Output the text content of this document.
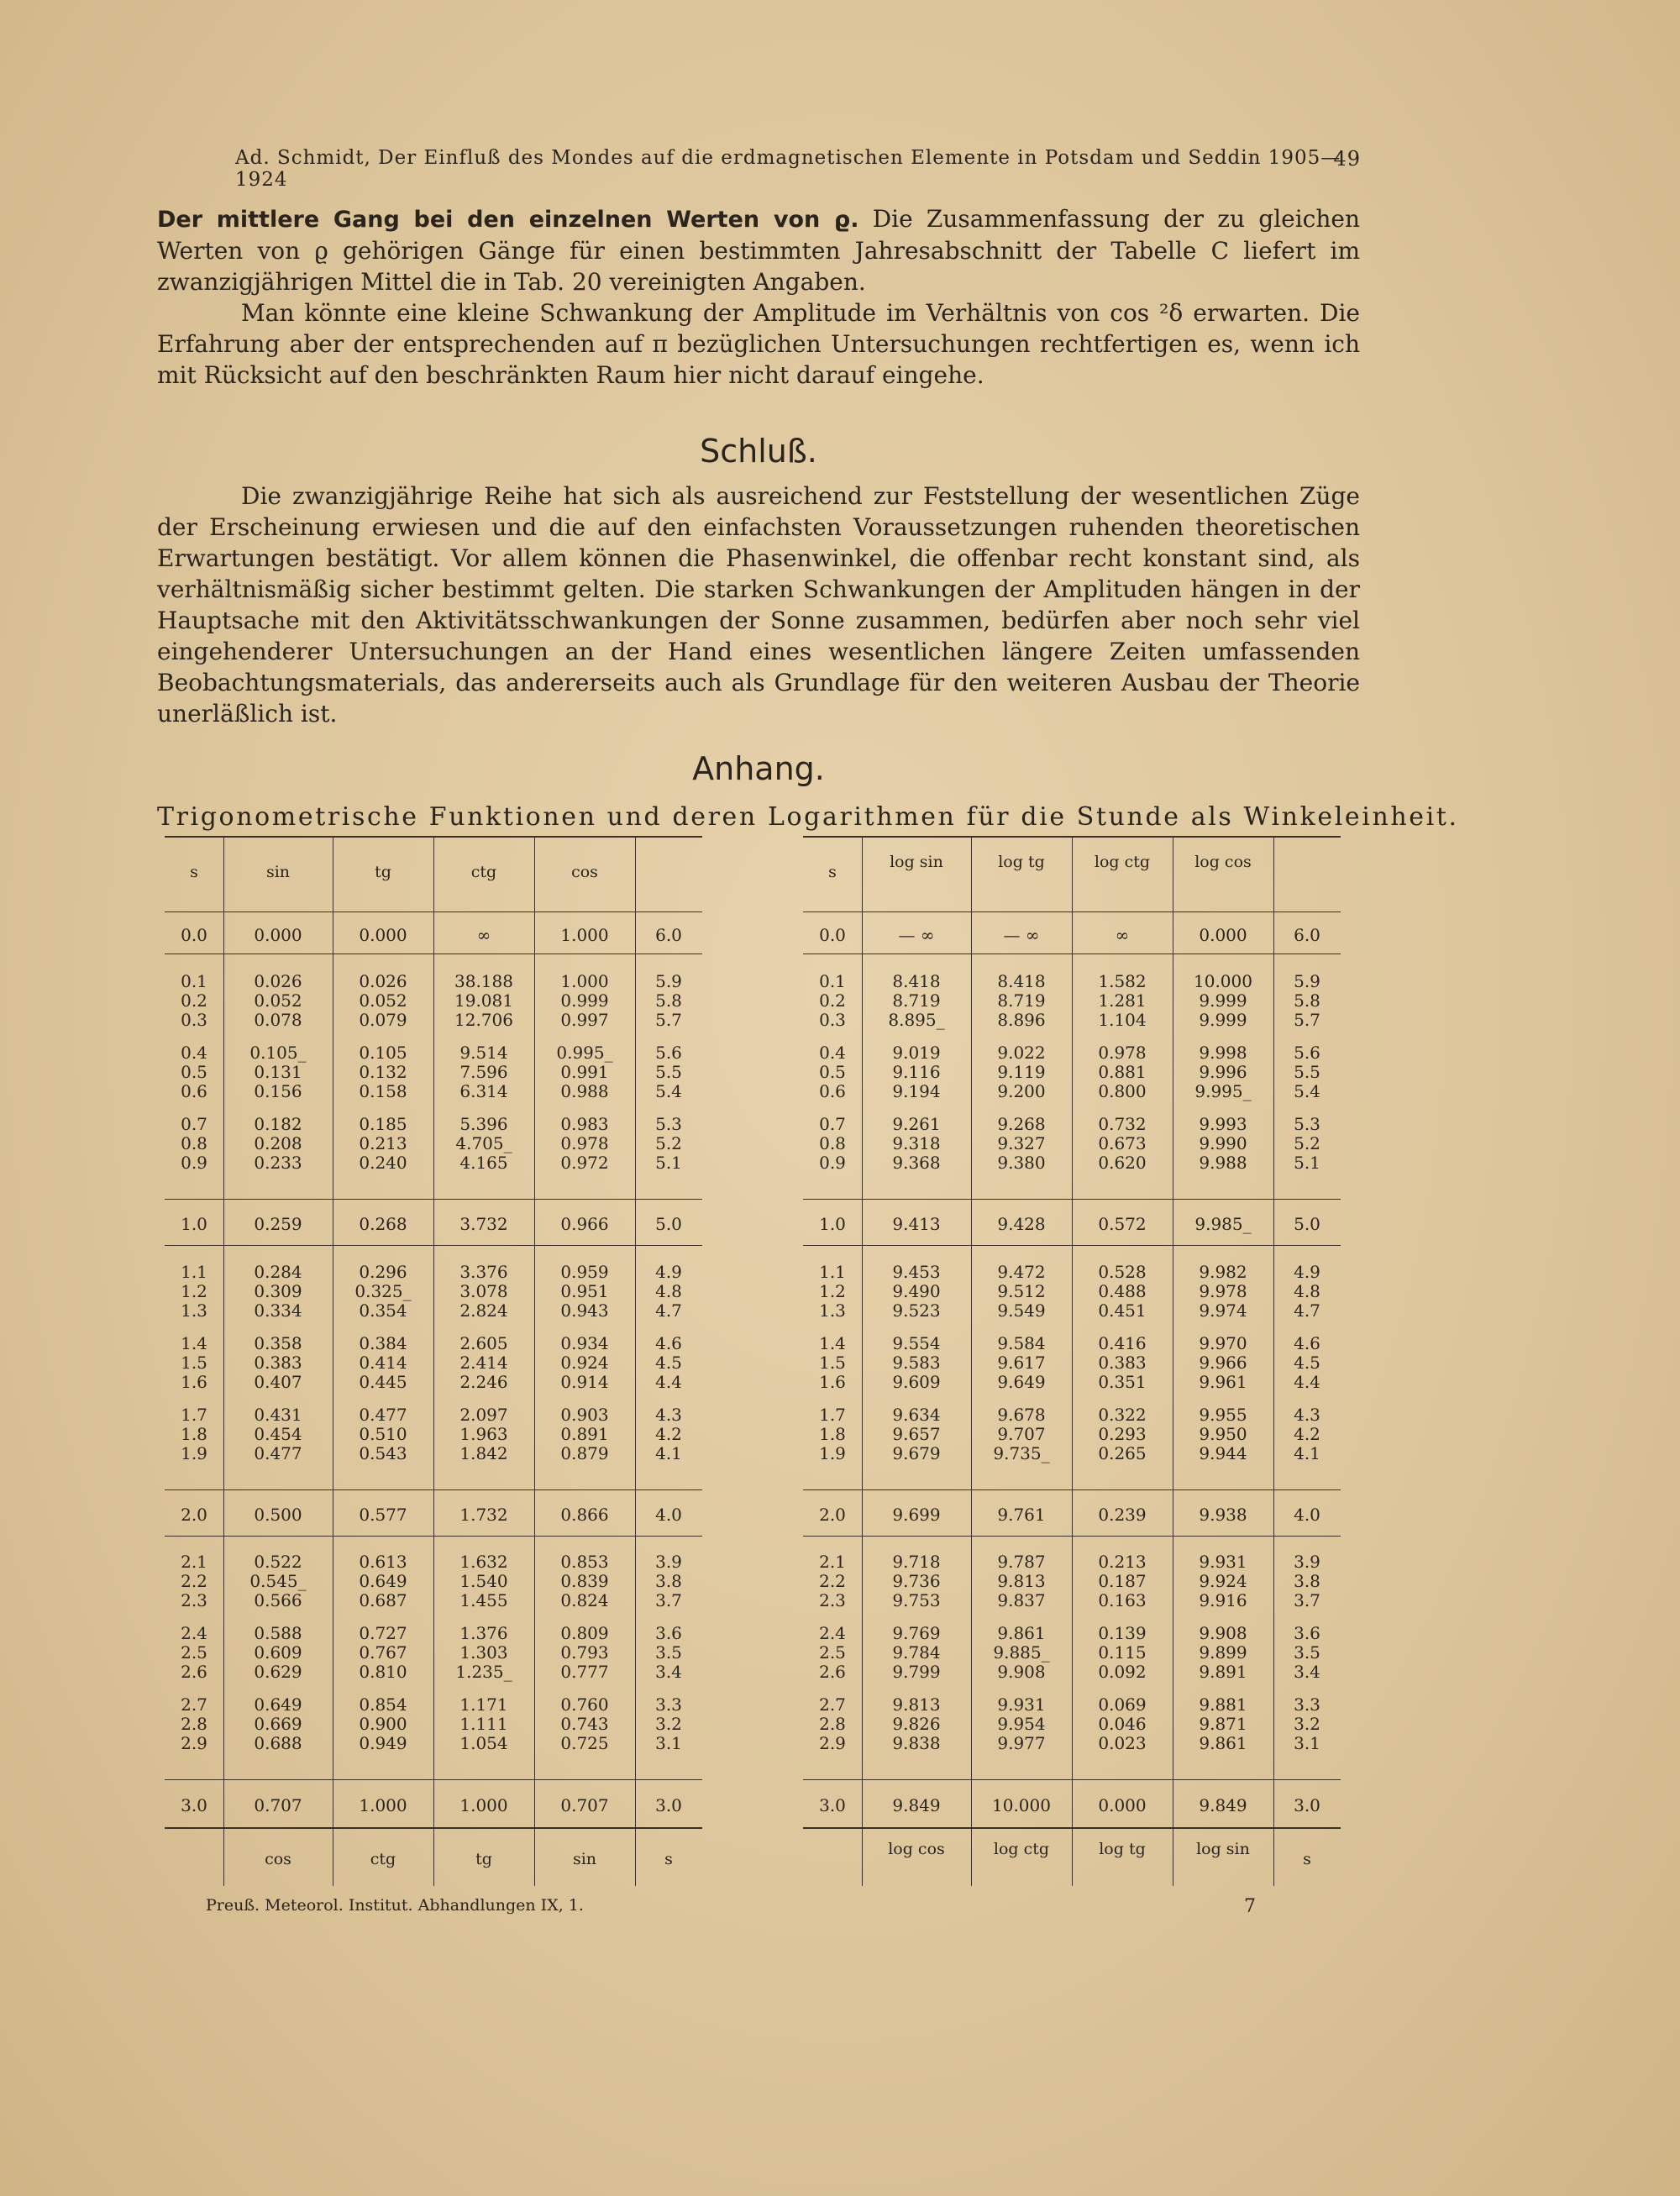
Ad. Schmidt, Der Einfluß des Mondes auf die erdmagnetischen Elemente in Potsdam und Seddin 1905—1924
49

Der mittlere Gang bei den einzelnen Werten von ϱ. Die Zusammenfassung der zu gleichen Werten von ϱ gehörigen Gänge für einen bestimmten Jahresabschnitt der Tabelle C liefert im zwanzigjährigen Mittel die in Tab. 20 vereinigten Angaben.

Man könnte eine kleine Schwankung der Amplitude im Verhältnis von cos ²δ erwarten. Die Erfahrung aber der entsprechenden auf π bezüglichen Untersuchungen rechtfertigen es, wenn ich mit Rücksicht auf den beschränkten Raum hier nicht darauf eingehe.

Schluß.

Die zwanzigjährige Reihe hat sich als ausreichend zur Feststellung der wesentlichen Züge der Erscheinung erwiesen und die auf den einfachsten Voraussetzungen ruhenden theoretischen Erwartungen bestätigt. Vor allem können die Phasenwinkel, die offenbar recht konstant sind, als verhältnismäßig sicher bestimmt gelten. Die starken Schwankungen der Amplituden hängen in der Hauptsache mit den Aktivitätsschwankungen der Sonne zusammen, bedürfen aber noch sehr viel eingehenderer Untersuchungen an der Hand eines wesentlichen längere Zeiten umfassenden Beobachtungsmaterials, das andererseits auch als Grundlage für den weiteren Ausbau der Theorie unerläßlich ist.

Anhang.
Trigonometrische Funktionen und deren Logarithmen für die Stunde als Winkeleinheit.
s	sin	tg	ctg	cos
0.0	0.000	0.000	∞	1.000	6.0
0.1	0.026	0.026	38.188	1.000	5.9
0.2	0.052	0.052	19.081	0.999	5.8
0.3	0.078	0.079	12.706	0.997	5.7
0.4	0.105_	0.105	9.514	0.995_	5.6
0.5	0.131	0.132	7.596	0.991	5.5
0.6	0.156	0.158	6.314	0.988	5.4
0.7	0.182	0.185	5.396	0.983	5.3
0.8	0.208	0.213	4.705_	0.978	5.2
0.9	0.233	0.240	4.165	0.972	5.1
1.0	0.259	0.268	3.732	0.966	5.0
1.1	0.284	0.296	3.376	0.959	4.9
1.2	0.309	0.325_	3.078	0.951	4.8
1.3	0.334	0.354	2.824	0.943	4.7
1.4	0.358	0.384	2.605	0.934	4.6
1.5	0.383	0.414	2.414	0.924	4.5
1.6	0.407	0.445	2.246	0.914	4.4
1.7	0.431	0.477	2.097	0.903	4.3
1.8	0.454	0.510	1.963	0.891	4.2
1.9	0.477	0.543	1.842	0.879	4.1
2.0	0.500	0.577	1.732	0.866	4.0
2.1	0.522	0.613	1.632	0.853	3.9
2.2	0.545_	0.649	1.540	0.839	3.8
2.3	0.566	0.687	1.455	0.824	3.7
2.4	0.588	0.727	1.376	0.809	3.6
2.5	0.609	0.767	1.303	0.793	3.5
2.6	0.629	0.810	1.235_	0.777	3.4
2.7	0.649	0.854	1.171	0.760	3.3
2.8	0.669	0.900	1.111	0.743	3.2
2.9	0.688	0.949	1.054	0.725	3.1
3.0	0.707	1.000	1.000	0.707	3.0
cos	ctg	tg	sin	s
s
log sin	log tg	log ctg	log cos
0.0	— ∞	— ∞	∞	0.000	6.0
0.1	8.418	8.418	1.582	10.000	5.9
0.2	8.719	8.719	1.281	9.999	5.8
0.3	8.895_	8.896	1.104	9.999	5.7
0.4	9.019	9.022	0.978	9.998	5.6
0.5	9.116	9.119	0.881	9.996	5.5
0.6	9.194	9.200	0.800	9.995_	5.4
0.7	9.261	9.268	0.732	9.993	5.3
0.8	9.318	9.327	0.673	9.990	5.2
0.9	9.368	9.380	0.620	9.988	5.1
1.0	9.413	9.428	0.572	9.985_	5.0
1.1	9.453	9.472	0.528	9.982	4.9
1.2	9.490	9.512	0.488	9.978	4.8
1.3	9.523	9.549	0.451	9.974	4.7
1.4	9.554	9.584	0.416	9.970	4.6
1.5	9.583	9.617	0.383	9.966	4.5
1.6	9.609	9.649	0.351	9.961	4.4
1.7	9.634	9.678	0.322	9.955	4.3
1.8	9.657	9.707	0.293	9.950	4.2
1.9	9.679	9.735_	0.265	9.944	4.1
2.0	9.699	9.761	0.239	9.938	4.0
2.1	9.718	9.787	0.213	9.931	3.9
2.2	9.736	9.813	0.187	9.924	3.8
2.3	9.753	9.837	0.163	9.916	3.7
2.4	9.769	9.861	0.139	9.908	3.6
2.5	9.784	9.885_	0.115	9.899	3.5
2.6	9.799	9.908	0.092	9.891	3.4
2.7	9.813	9.931	0.069	9.881	3.3
2.8	9.826	9.954	0.046	9.871	3.2
2.9	9.838	9.977	0.023	9.861	3.1
3.0	9.849	10.000	0.000	9.849	3.0
log cos	log ctg	log tg	log sin
s
Preuß. Meteorol. Institut. Abhandlungen IX, 1.	7
